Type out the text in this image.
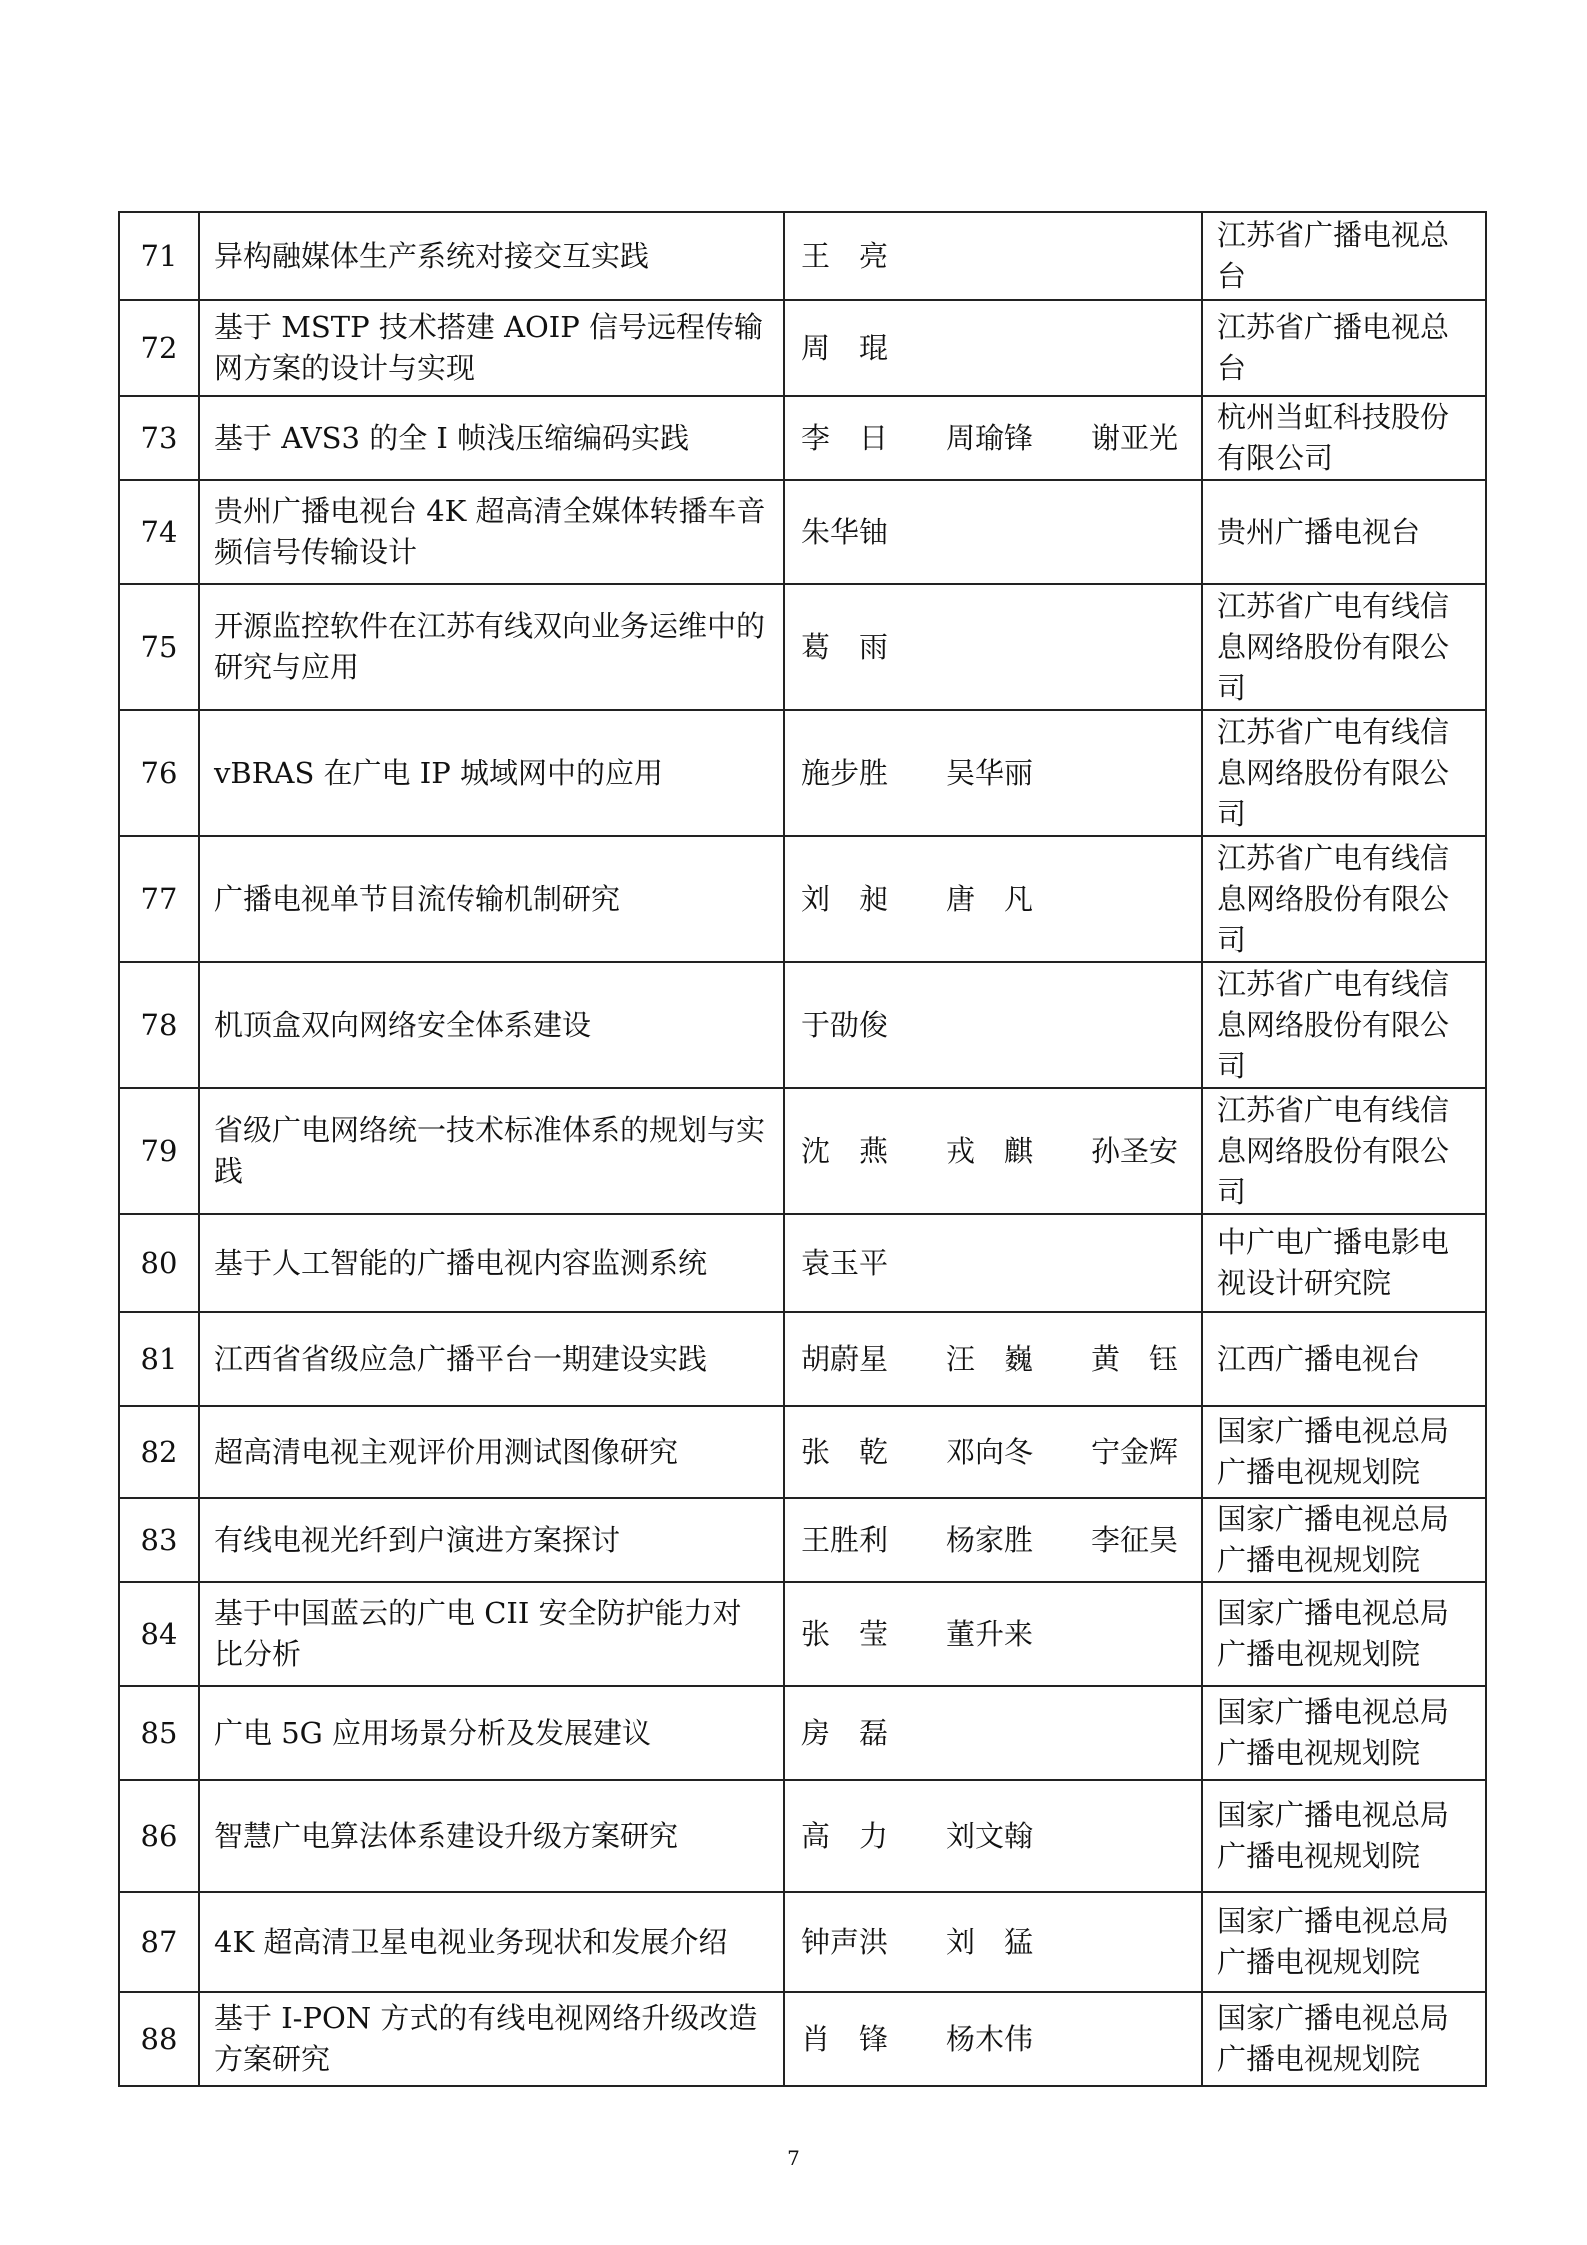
71	异构融媒体生产系统对接交互实践	王　亮	江苏省广播电视总台
72	基于 MSTP 技术搭建 AOIP 信号远程传输网方案的设计与实现	周　琨	江苏省广播电视总台
73	基于 AVS3 的全 I 帧浅压缩编码实践	李　日　　周瑜锋　　谢亚光	杭州当虹科技股份有限公司
74	贵州广播电视台 4K 超高清全媒体转播车音频信号传输设计	朱华铀	贵州广播电视台
75	开源监控软件在江苏有线双向业务运维中的研究与应用	葛　雨	江苏省广电有线信息网络股份有限公司
76	vBRAS 在广电 IP 城域网中的应用	施步胜　　吴华丽	江苏省广电有线信息网络股份有限公司
77	广播电视单节目流传输机制研究	刘　昶　　唐　凡	江苏省广电有线信息网络股份有限公司
78	机顶盒双向网络安全体系建设	于劭俊	江苏省广电有线信息网络股份有限公司
79	省级广电网络统一技术标准体系的规划与实践	沈　燕　　戎　麒　　孙圣安	江苏省广电有线信息网络股份有限公司
80	基于人工智能的广播电视内容监测系统	袁玉平	中广电广播电影电视设计研究院
81	江西省省级应急广播平台一期建设实践	胡蔚星　　汪　巍　　黄　钰	江西广播电视台
82	超高清电视主观评价用测试图像研究	张　乾　　邓向冬　　宁金辉	国家广播电视总局广播电视规划院
83	有线电视光纤到户演进方案探讨	王胜利　　杨家胜　　李征昊	国家广播电视总局广播电视规划院
84	基于中国蓝云的广电 CII 安全防护能力对比分析	张　莹　　董升来	国家广播电视总局广播电视规划院
85	广电 5G 应用场景分析及发展建议	房　磊	国家广播电视总局广播电视规划院
86	智慧广电算法体系建设升级方案研究	高　力　　刘文翰	国家广播电视总局广播电视规划院
87	4K 超高清卫星电视业务现状和发展介绍	钟声洪　　刘　猛	国家广播电视总局广播电视规划院
88	基于 I-PON 方式的有线电视网络升级改造方案研究	肖　锋　　杨木伟	国家广播电视总局广播电视规划院
7
